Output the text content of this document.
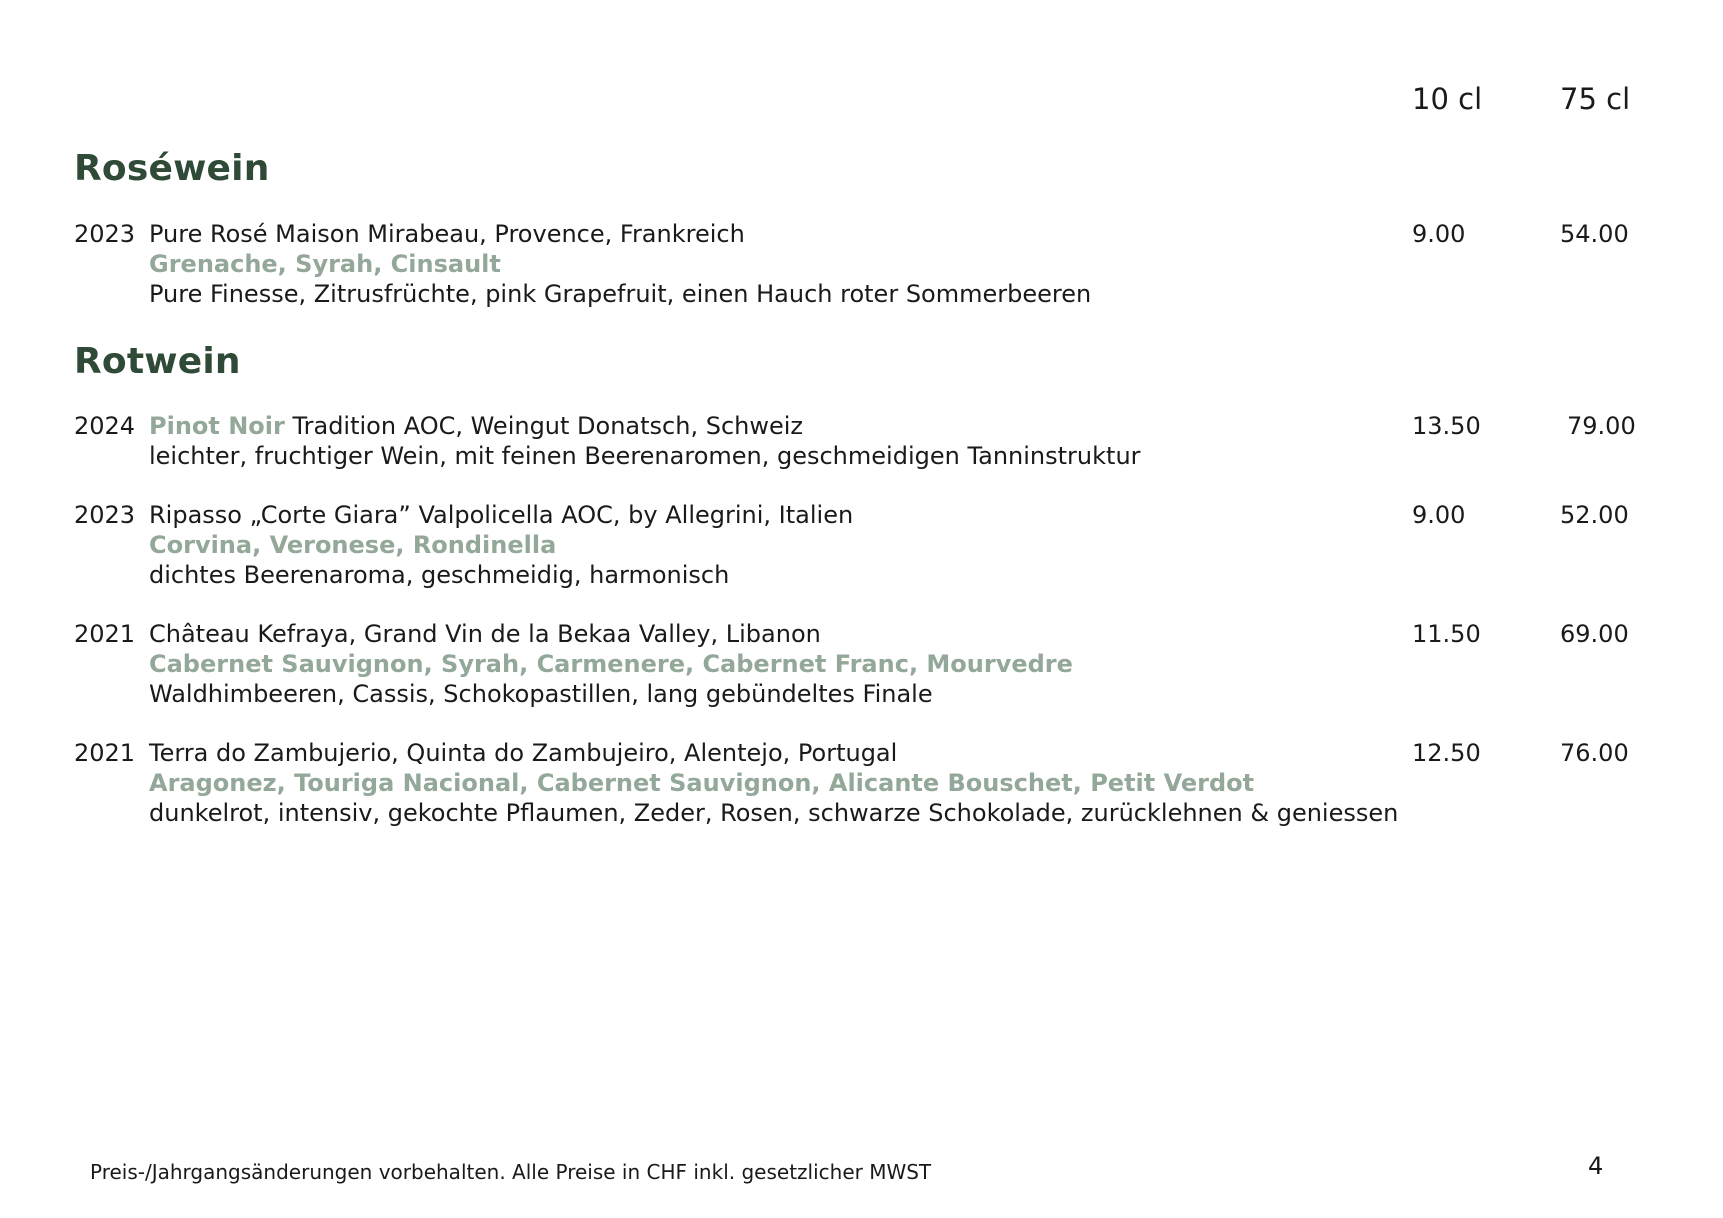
10 cl	75 cl
Roséwein
2023 Pure Rosé Maison Mirabeau, Provence, Frankreich	9.00	54.00
Grenache, Syrah, Cinsault
Pure Finesse, Zitrusfrüchte, pink Grapefruit, einen Hauch roter Sommerbeeren
Rotwein
2024 Pinot Noir Tradition AOC, Weingut Donatsch, Schweiz	13.50	79.00
leichter, fruchtiger Wein, mit feinen Beerenaromen, geschmeidigen Tanninstruktur
2023 Ripasso „Corte Giara” Valpolicella AOC, by Allegrini, Italien	9.00	52.00
Corvina, Veronese, Rondinella
dichtes Beerenaroma, geschmeidig, harmonisch
2021 Château Kefraya, Grand Vin de la Bekaa Valley, Libanon	11.50	69.00
Cabernet Sauvignon, Syrah, Carmenere, Cabernet Franc, Mourvedre
Waldhimbeeren, Cassis, Schokopastillen, lang gebündeltes Finale
2021 Terra do Zambujerio, Quinta do Zambujeiro, Alentejo, Portugal	12.50	76.00
Aragonez, Touriga Nacional, Cabernet Sauvignon, Alicante Bouschet, Petit Verdot
dunkelrot, intensiv, gekochte Pflaumen, Zeder, Rosen, schwarze Schokolade, zurücklehnen & geniessen
Preis-/Jahrgangsänderungen vorbehalten. Alle Preise in CHF inkl. gesetzlicher MWST	4
